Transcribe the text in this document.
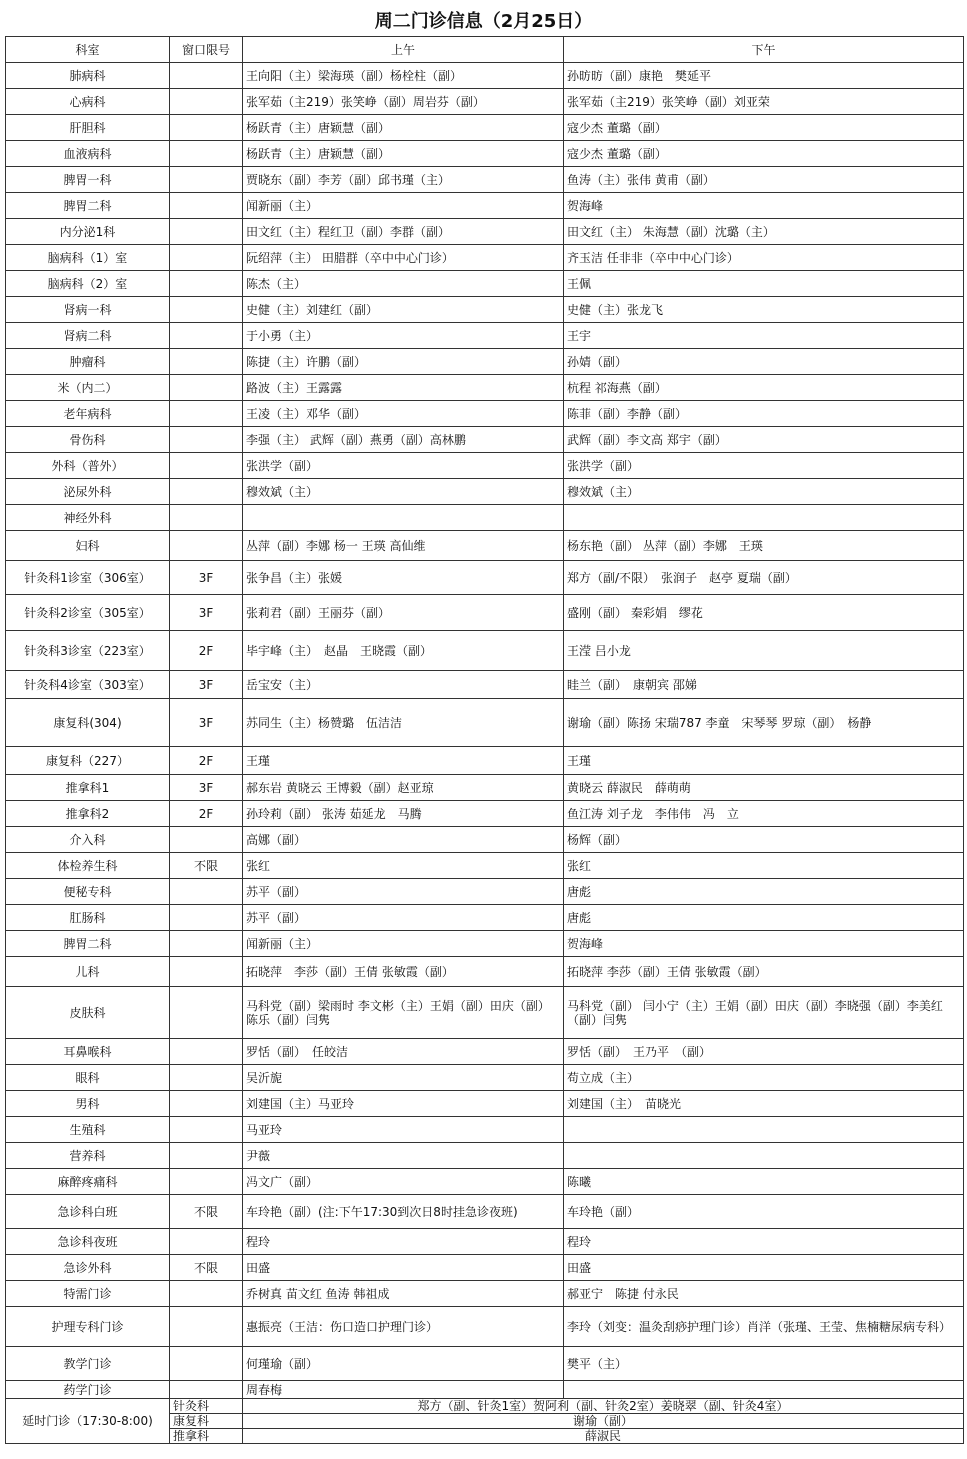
周二门诊信息（2月25日）
科室	窗口限号	上午	下午
肺病科		王向阳（主）梁海瑛（副）杨栓柱（副）	孙昉昉（副）康艳　樊延平
心病科		张军茹（主219）张笑峥（副）周岩芬（副）	张军茹（主219）张笑峥（副）刘亚荣
肝胆科		杨跃青（主）唐颖慧（副）	寇少杰 董璐（副）
血液病科		杨跃青（主）唐颖慧（副）	寇少杰 董璐（副）
脾胃一科		贾晓东（副）李芳（副）邱书瑾（主）	鱼涛（主）张伟 黄甫（副）
脾胃二科		闻新丽（主）	贺海峰
内分泌1科		田文红（主）程红卫（副）李群（副）	田文红（主） 朱海慧（副）沈璐（主）
脑病科（1）室		阮绍萍（主） 田腊群（卒中中心门诊）	齐玉洁 任非非（卒中中心门诊）
脑病科（2）室		陈杰（主）	王佩
肾病一科		史健（主）刘建红（副）	史健（主）张龙飞
肾病二科		于小勇（主）	王宇
肿瘤科		陈捷（主）许鹏（副）	孙婧（副）
米（内二）		路波（主）王露露	杭程 祁海燕（副）
老年病科		王凌（主）邓华（副）	陈菲（副）李静（副）
骨伤科		李强（主） 武辉（副）燕勇（副）高林鹏	武辉（副）李文高 郑宇（副）
外科（普外）		张洪学（副）	张洪学（副）
泌尿外科		穆效斌（主）	穆效斌（主）
神经外科			
妇科		丛萍（副）李娜 杨一 王瑛 高仙维	杨东艳（副） 丛萍（副）李娜　王瑛
针灸科1诊室（306室）	3F	张争昌（主）张媛	郑方（副/不限）　张润子　赵亭 夏瑞（副）
针灸科2诊室（305室）	3F	张莉君（副）王丽芬（副）	盛刚（副） 秦彩娟　缪花
针灸科3诊室（223室）	2F	毕宇峰（主）　赵晶　王晓霞（副）	王滢 吕小龙
针灸科4诊室（303室）	3F	岳宝安（主）	眭兰（副）　康朝宾 邵娣
康复科(304)	3F	苏同生（主）杨赞璐　伍洁洁	谢瑜（副）陈扬 宋瑞787 李童　宋琴琴 罗琼（副）　杨静
康复科（227）	2F	王瑾	王瑾
推拿科1	3F	郝东岩 黄晓云 王博毅（副）赵亚琼	黄晓云 薛淑民　薛萌萌
推拿科2	2F	孙玲莉（副） 张涛 茹延龙　马腾	鱼江涛 刘子龙　李伟伟　冯　立
介入科		高娜（副）	杨辉（副）
体检养生科	不限	张红	张红
便秘专科		苏平（副）	唐彪
肛肠科		苏平（副）	唐彪
脾胃二科		闻新丽（主）	贺海峰
儿科		拓晓萍　李莎（副）王倩 张敏霞（副）	拓晓萍 李莎（副）王倩 张敏霞（副）
皮肤科		马科党（副）梁雨时 李文彬（主）王娟（副）田庆（副）陈乐（副）闫隽	马科党（副） 闫小宁（主）王娟（副）田庆（副）李晓强（副）李美红（副）闫隽
耳鼻喉科		罗恬（副）　任皎洁	罗恬（副）　王乃平　（副）
眼科		吴沂旎	苟立成（主）
男科		刘建国（主）马亚玲	刘建国（主）　苗晓光
生殖科		马亚玲	
营养科		尹薇	
麻醉疼痛科		冯文广（副）	陈曦
急诊科白班	不限	车玲艳（副）(注:下午17:30到次日8时挂急诊夜班)	车玲艳（副）
急诊科夜班		程玲	程玲
急诊外科	不限	田盛	田盛
特需门诊		乔树真 苗文红 鱼涛 韩祖成	郝亚宁　陈捷 付永民
护理专科门诊		惠振亮（王洁：伤口造口护理门诊）	李玲（刘变：温灸刮痧护理门诊）肖洋（张瑾、王莹、焦楠糖尿病专科）
教学门诊		何瑾瑜（副）	樊平（主）
药学门诊		周春梅	
延时门诊（17:30-8:00)	针灸科	郑方（副、针灸1室）贺阿利（副、针灸2室）姜晓翠（副、针灸4室）	
	康复科	谢瑜（副）	
	推拿科	薛淑民	
